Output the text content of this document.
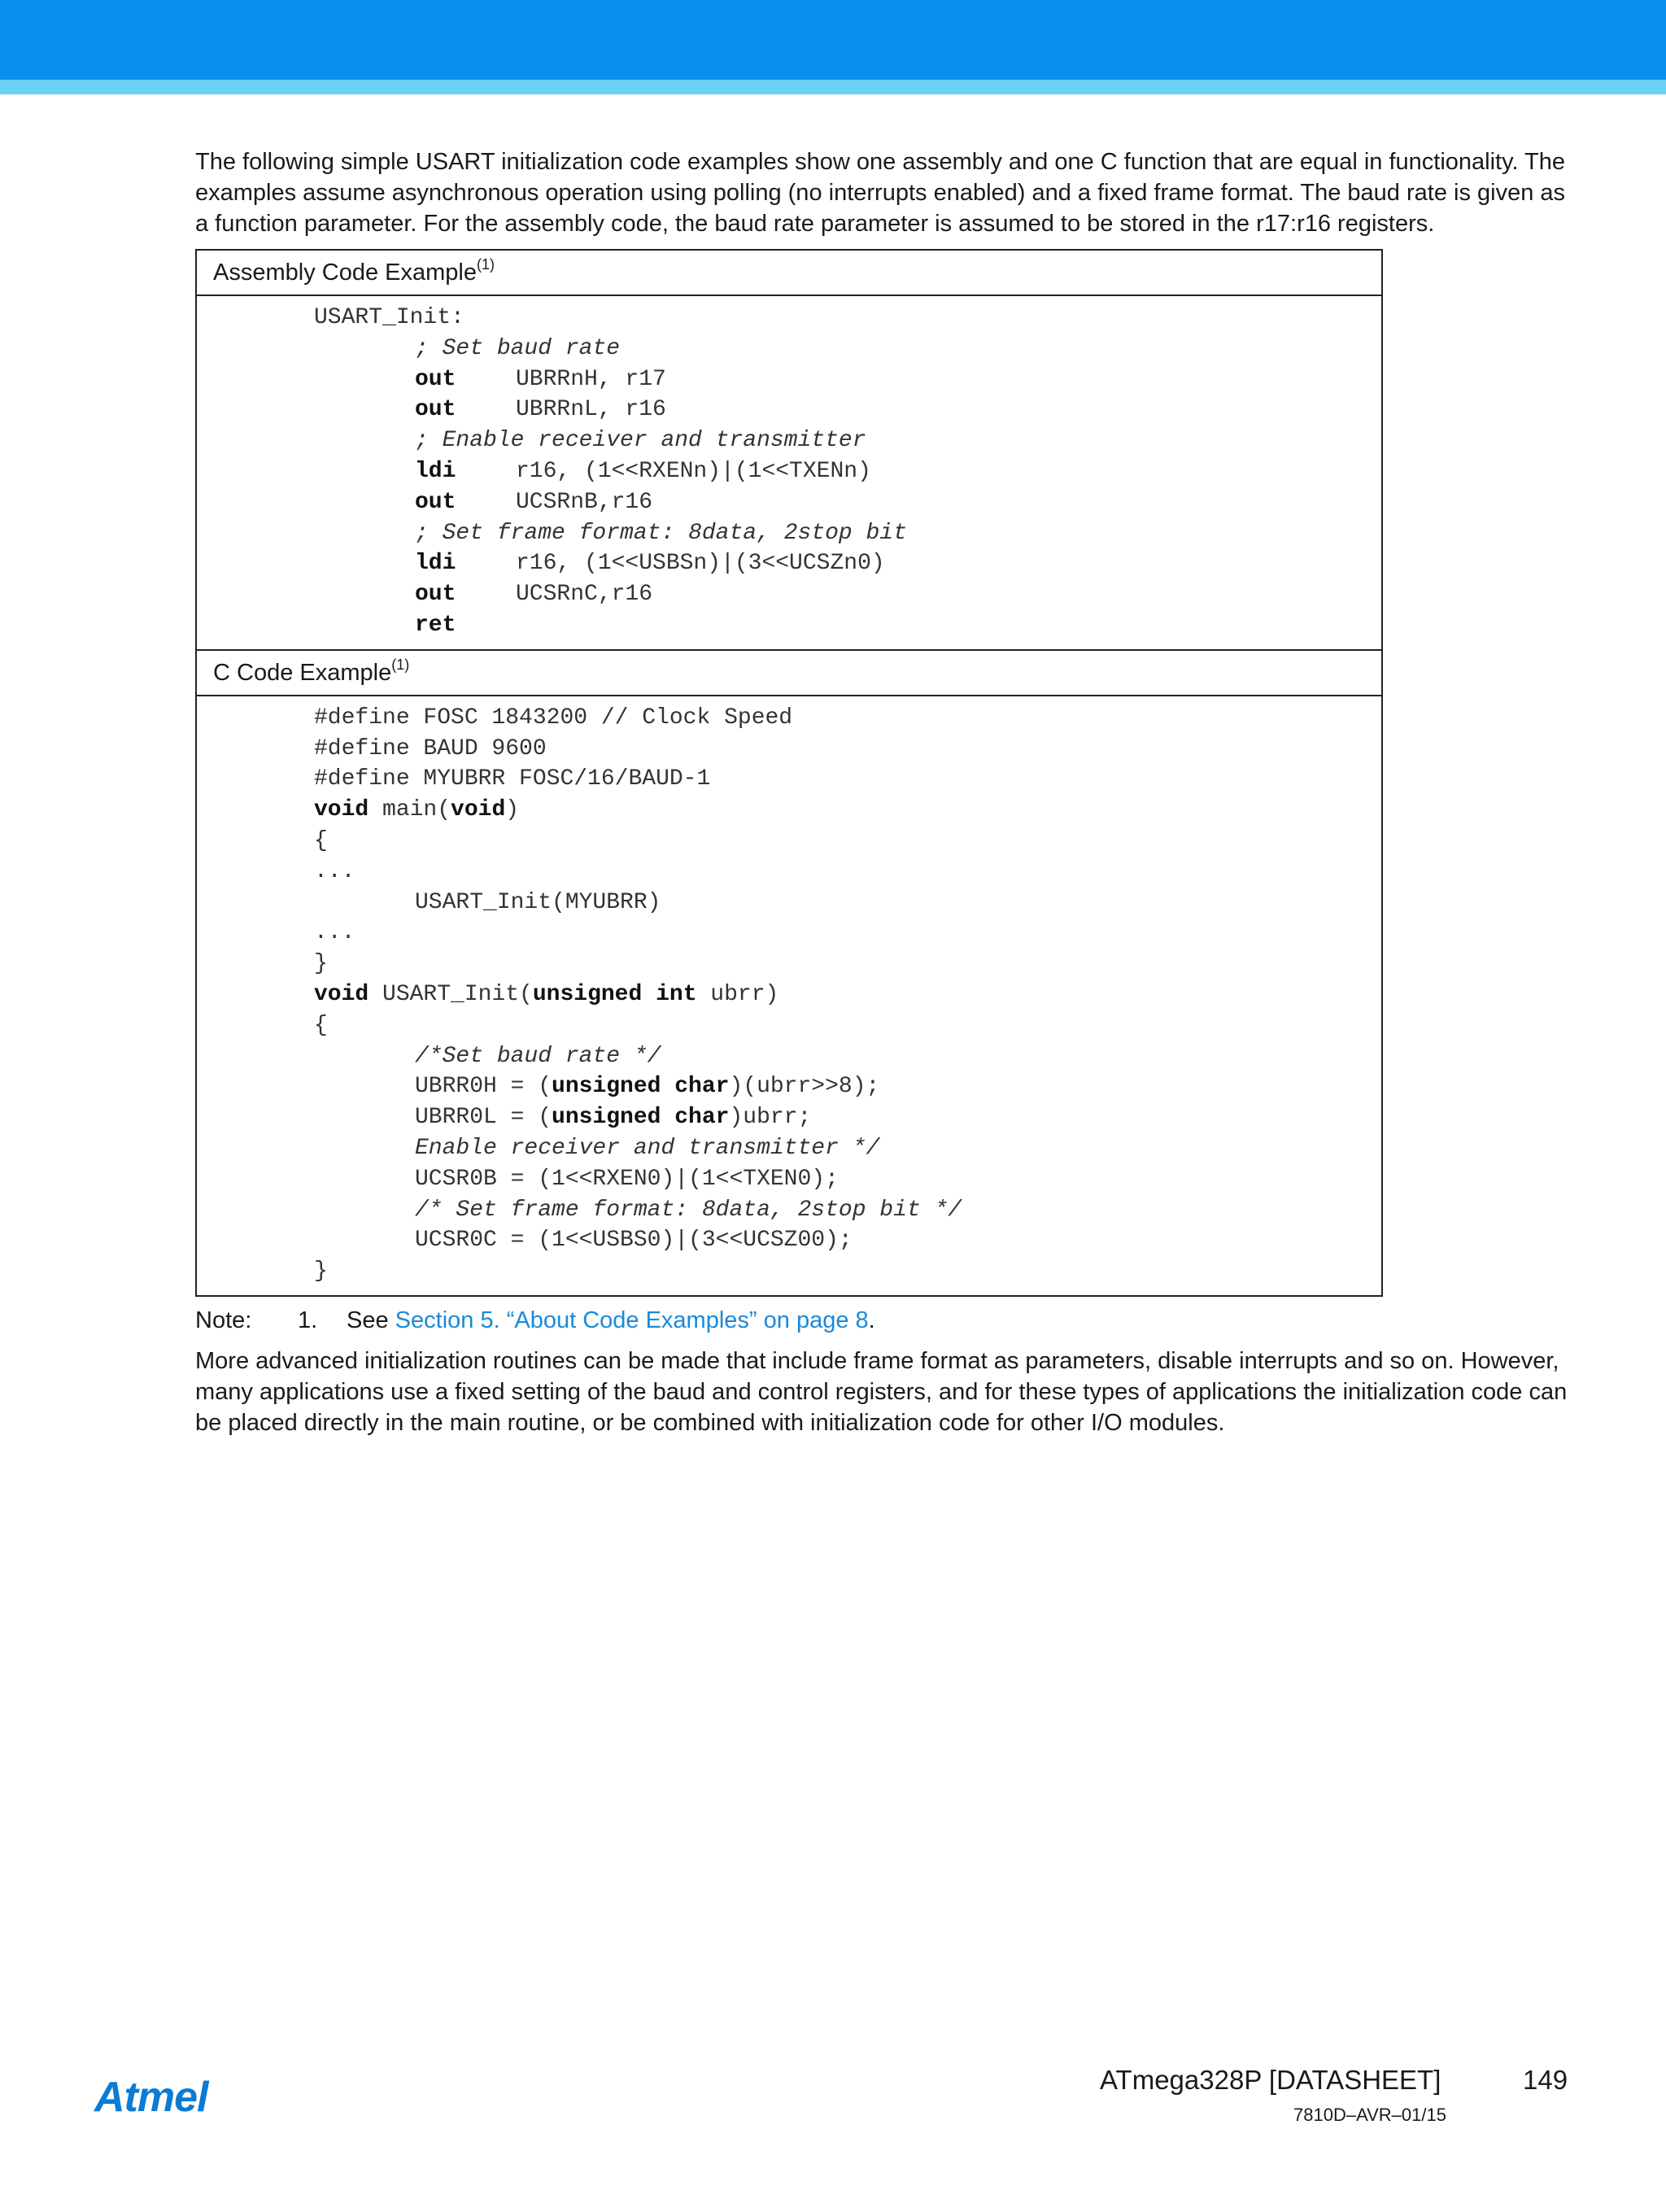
The following simple USART initialization code examples show one assembly and one C function that are equal in functionality. The examples assume asynchronous operation using polling (no interrupts enabled) and a fixed frame format. The baud rate is given as a function parameter. For the assembly code, the baud rate parameter is assumed to be stored in the r17:r16 registers.

Assembly Code Example$^{(1)}$

USART_Init:
; Set baud rate
out	UBRRnH, r17
out	UBRRnL, r16
; Enable receiver and transmitter
ldi	r16, (1<<RXENn)|(1<<TXENn)
out	UCSRnB,r16
; Set frame format: 8data, 2stop bit
ldi	r16, (1<<USBSn)|(3<<UCSZn0)
out	UCSRnC,r16
ret

C Code Example$^{(1)}$

#define FOSC 1843200 // Clock Speed
#define BAUD 9600
#define MYUBRR FOSC/16/BAUD-1
void main(void)
{
...
USART_Init(MYUBRR)
...
}
void USART_Init(unsigned int ubrr)
{
/*Set baud rate */
UBRR0H = (unsigned char)(ubrr>>8);
UBRR0L = (unsigned char)ubrr;
Enable receiver and transmitter */
UCSR0B = (1<<RXEN0)|(1<<TXEN0);
/* Set frame format: 8data, 2stop bit */
UCSR0C = (1<<USBS0)|(3<<UCSZ00);
}
Note: 1. See Section 5. “About Code Examples” on page 8.

More advanced initialization routines can be made that include frame format as parameters, disable interrupts and so on. However, many applications use a fixed setting of the baud and control registers, and for these types of applications the initialization code can be placed directly in the main routine, or be combined with initialization code for other I/O modules.

Atmel	ATmega328P [DATASHEET]	149
7810D–AVR–01/15
